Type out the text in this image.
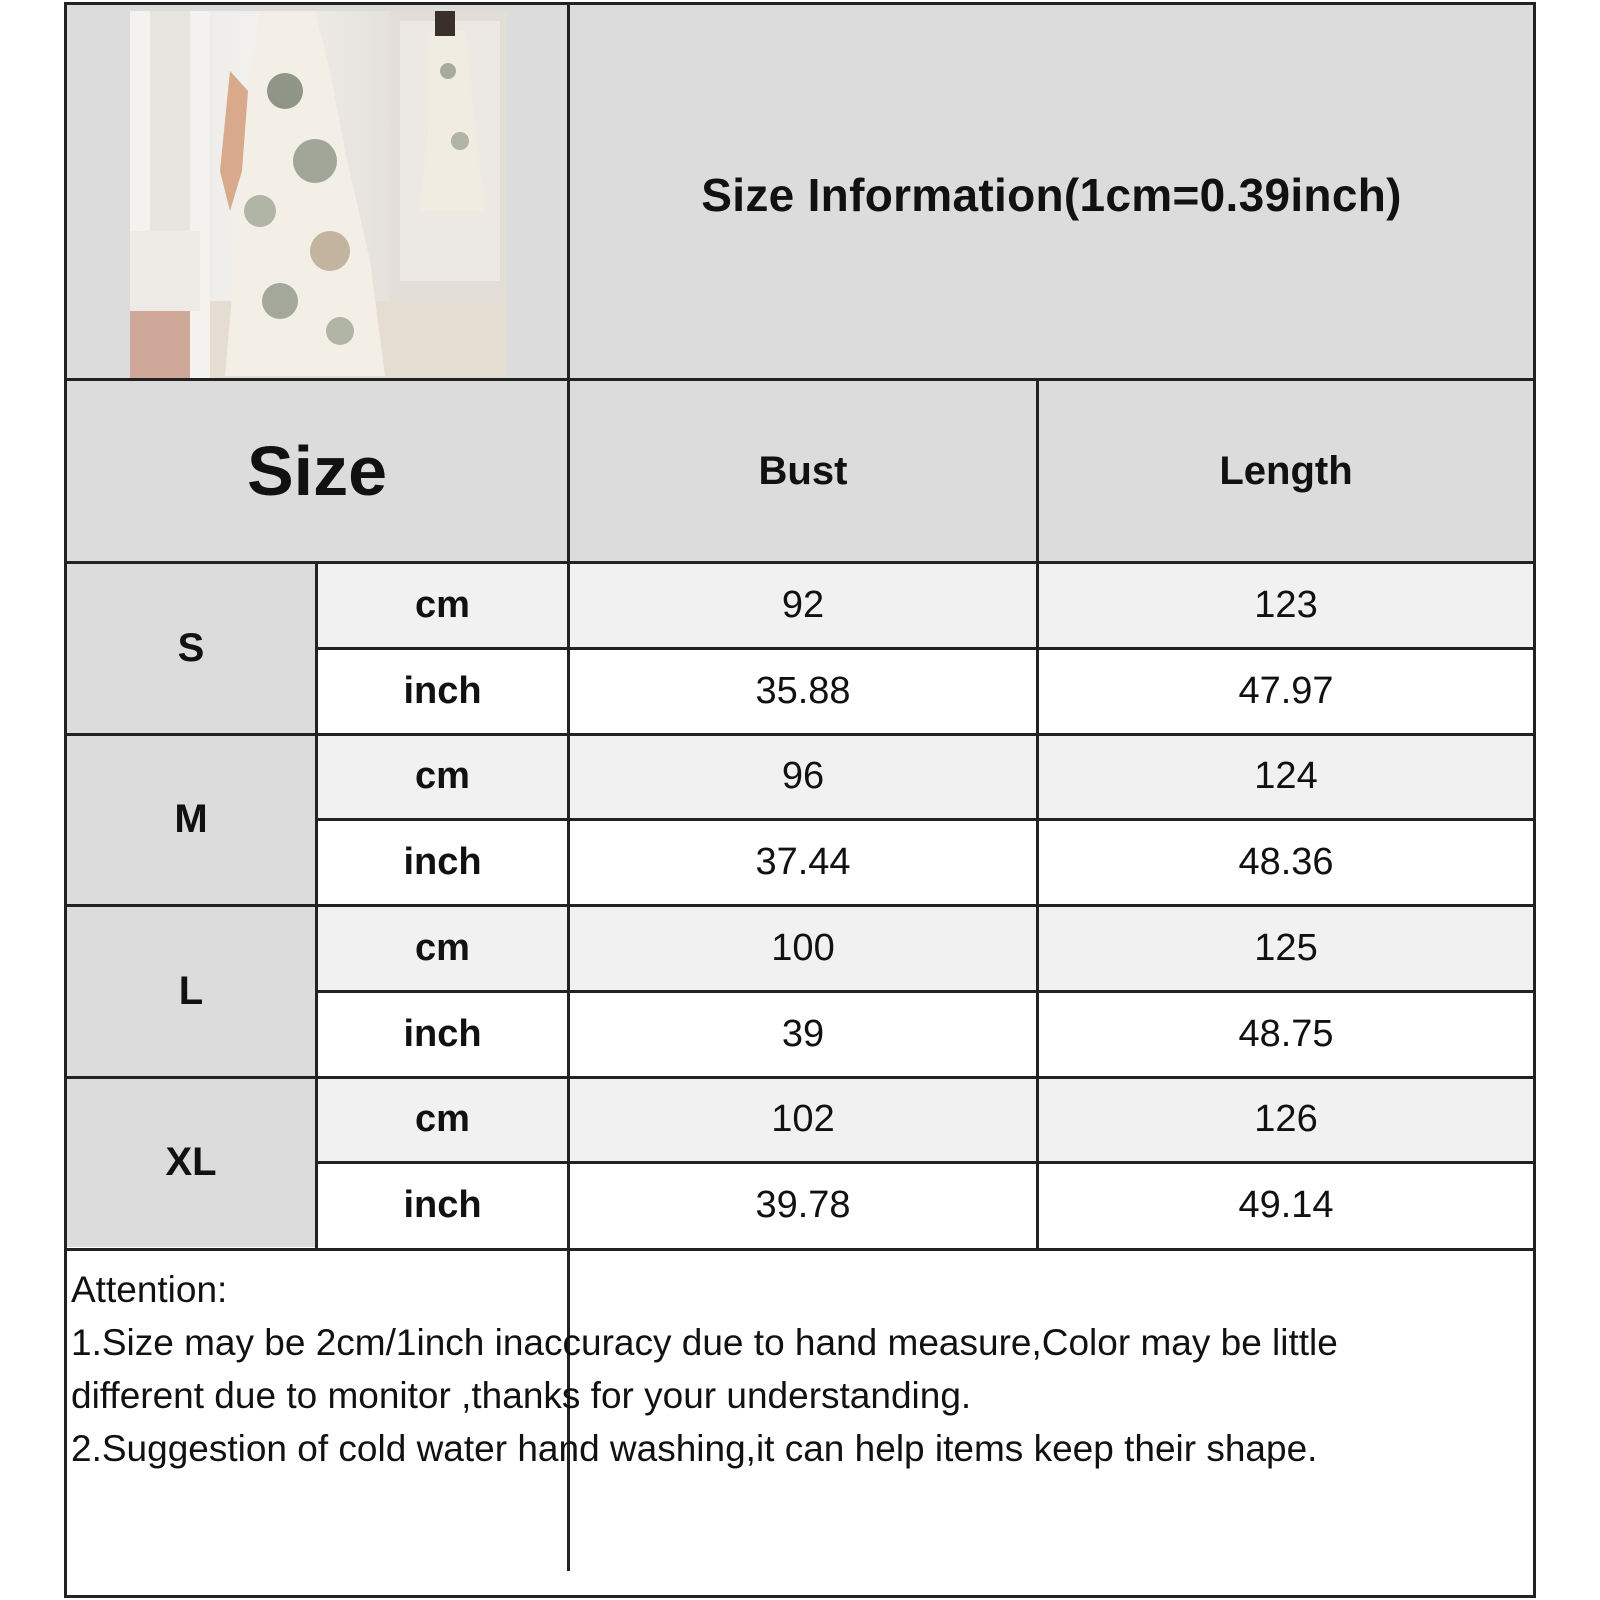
Size Information(1cm=0.39inch)
Size	Bust	Length
S
cm
inch
92
35.88
123
47.97
M
cm
inch
96
37.44
124
48.36
L
cm
inch
100
39
125
48.75
XL
cm
inch
102
39.78
126
49.14
Attention:
1.Size may be 2cm/1inch inaccuracy due to hand measure,Color may be little
different due to monitor ,thanks for your understanding.
2.Suggestion of cold water hand washing,it can help items keep their shape.
